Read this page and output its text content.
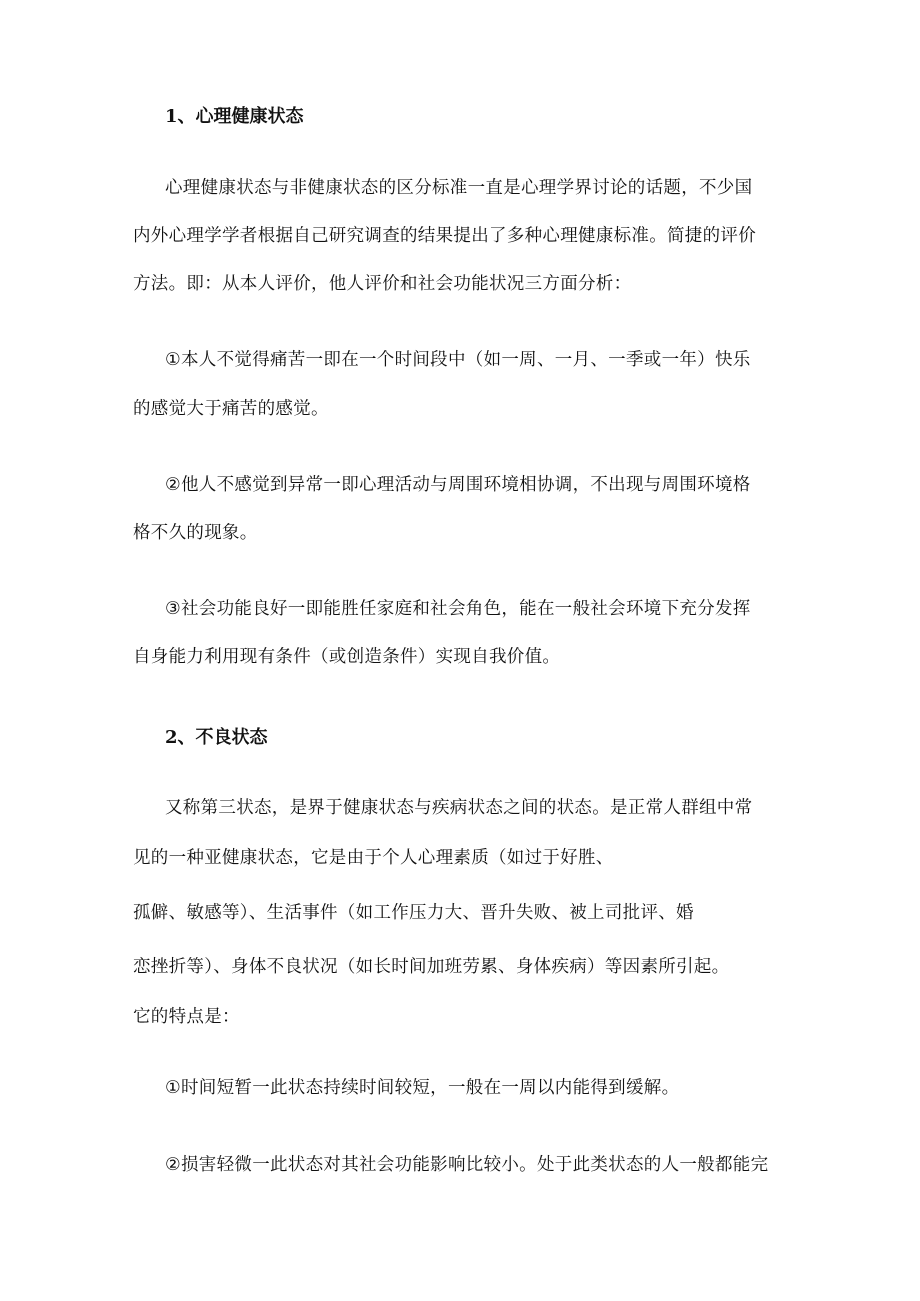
1、心理健康状态
心理健康状态与非健康状态的区分标准一直是心理学界讨论的话题，不少国
内外心理学学者根据自己研究调查的结果提出了多种心理健康标准。简捷的评价
方法。即：从本人评价，他人评价和社会功能状况三方面分析：
①本人不觉得痛苦一即在一个时间段中（如一周、一月、一季或一年）快乐
的感觉大于痛苦的感觉。
②他人不感觉到异常一即心理活动与周围环境相协调，不出现与周围环境格
格不久的现象。
③社会功能良好一即能胜任家庭和社会角色，能在一般社会环境下充分发挥
自身能力利用现有条件（或创造条件）实现自我价值。
2、不良状态
又称第三状态，是界于健康状态与疾病状态之间的状态。是正常人群组中常
见的一种亚健康状态，它是由于个人心理素质（如过于好胜、
孤僻、敏感等）、生活事件（如工作压力大、晋升失败、被上司批评、婚
恋挫折等）、身体不良状况（如长时间加班劳累、身体疾病）等因素所引起。
它的特点是：
①时间短暂一此状态持续时间较短，一般在一周以内能得到缓解。
②损害轻微一此状态对其社会功能影响比较小。处于此类状态的人一般都能完
